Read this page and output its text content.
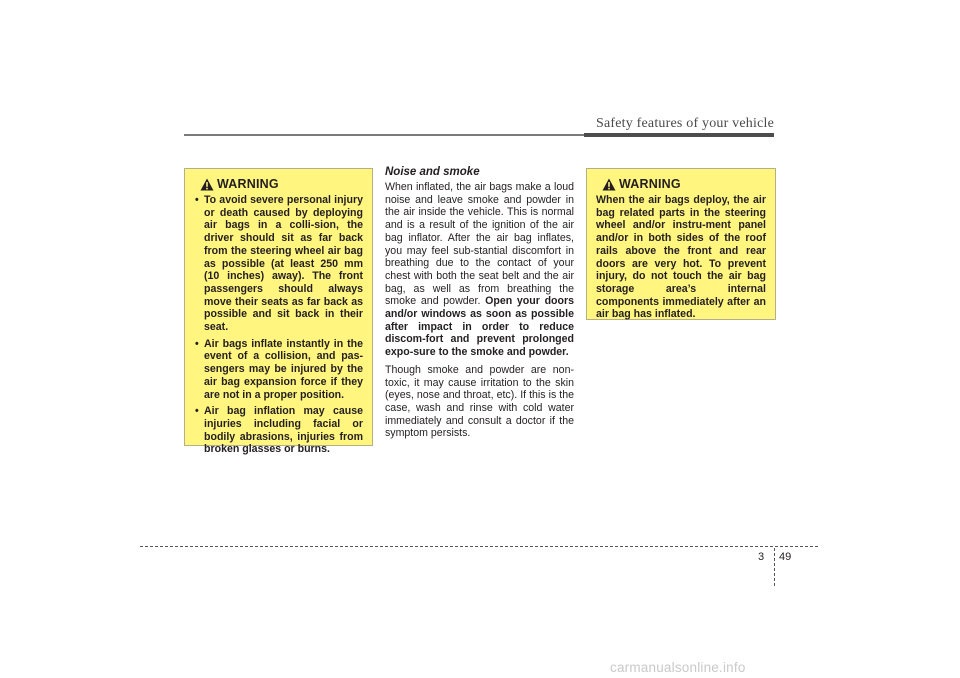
Safety features of your vehicle
WARNING
• To avoid severe personal injury or death caused by deploying air bags in a colli-sion, the driver should sit as far back from the steering wheel air bag as possible (at least 250 mm (10 inches) away). The front passengers should always move their seats as far back as possible and sit back in their seat.
• Air bags inflate instantly in the event of a collision, and pas-sengers may be injured by the air bag expansion force if they are not in a proper position.
• Air bag inflation may cause injuries including facial or bodily abrasions, injuries from broken glasses or burns.
Noise and smoke

When inflated, the air bags make a loud noise and leave smoke and powder in the air inside the vehicle. This is normal and is a result of the ignition of the air bag inflator. After the air bag inflates, you may feel sub-stantial discomfort in breathing due to the contact of your chest with both the seat belt and the air bag, as well as from breathing the smoke and powder. Open your doors and/or windows as soon as possible after impact in order to reduce discom-fort and prevent prolonged expo-sure to the smoke and powder.

Though smoke and powder are non-toxic, it may cause irritation to the skin (eyes, nose and throat, etc). If this is the case, wash and rinse with cold water immediately and consult a doctor if the symptom persists.

WARNING

When the air bags deploy, the air bag related parts in the steering wheel and/or instru-ment panel and/or in both sides of the roof rails above the front and rear doors are very hot. To prevent injury, do not touch the air bag storage area’s internal components immediately after an air bag has inflated.

3 49
carmanualsonline.info
